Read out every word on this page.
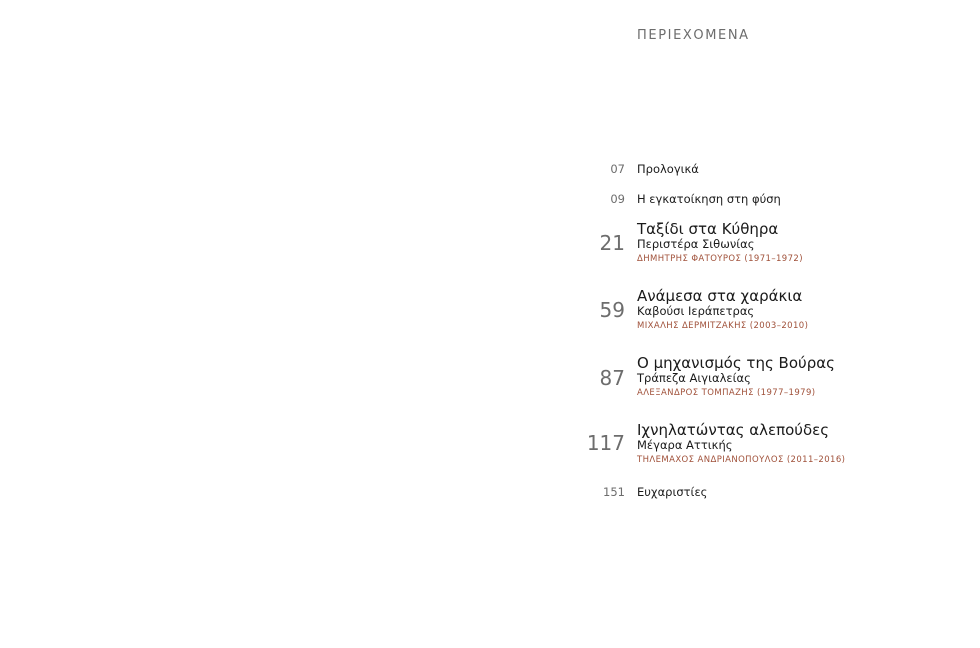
ΠΕΡΙΕΧΟΜΕΝΑ
07 Προλογικά
09 Η εγκατοίκηση στη φύση
21
Ταξίδι στα Κύθηρα
Περιστέρα Σιθωνίας
ΔΗΜΗΤΡΗΣ ΦΑΤΟΥΡΟΣ (1971–1972)
59
Ανάμεσα στα χαράκια
Καβούσι Ιεράπετρας
ΜΙΧΑΛΗΣ ΔΕΡΜΙΤΖΑΚΗΣ (2003–2010)
87
Ο μηχανισμός της Βούρας
Τράπεζα Αιγιαλείας
ΑΛΕΞΑΝΔΡΟΣ ΤΟΜΠΑΖΗΣ (1977–1979)
117
Ιχνηλατώντας αλεπούδες
Μέγαρα Αττικής
ΤΗΛΕΜΑΧΟΣ ΑΝΔΡΙΑΝΟΠΟΥΛΟΣ (2011–2016)
151 Ευχαριστίες
